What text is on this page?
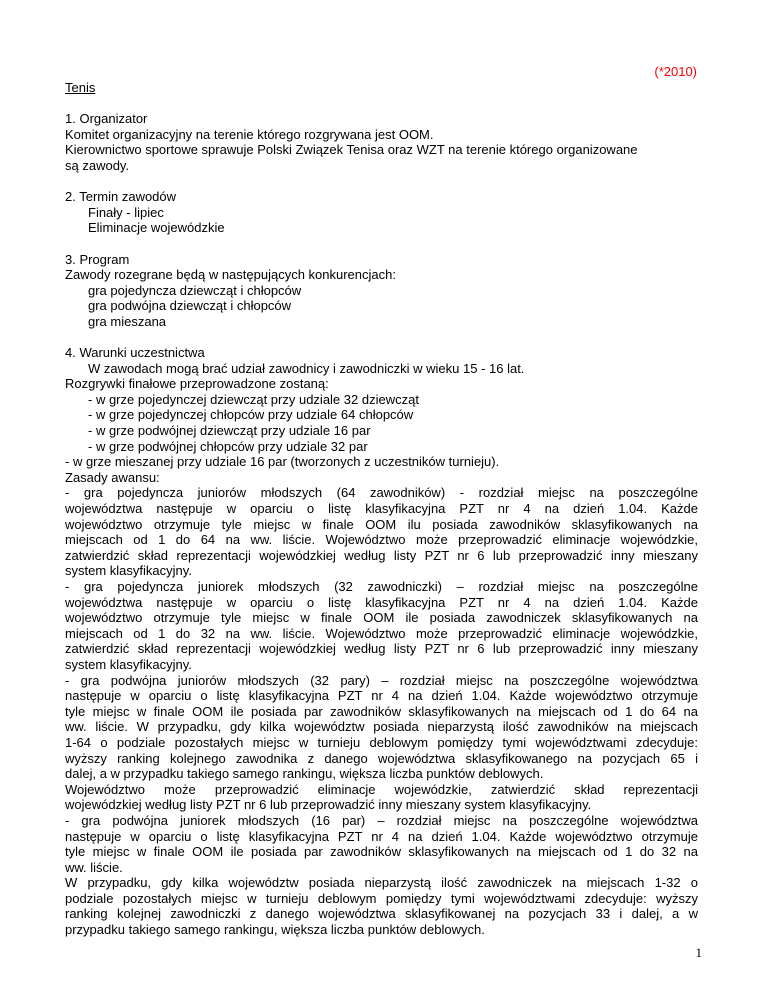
(*2010)
Tenis
1. Organizator
Komitet organizacyjny na terenie którego rozgrywana jest OOM.
Kierownictwo sportowe sprawuje Polski Związek Tenisa oraz WZT na terenie którego organizowane
są zawody.
2. Termin zawodów
Finały - lipiec
Eliminacje wojewódzkie
3. Program
Zawody rozegrane będą w następujących konkurencjach:
gra pojedyncza dziewcząt i chłopców
gra podwójna dziewcząt i chłopców
gra mieszana
4. Warunki uczestnictwa
W zawodach mogą brać udział zawodnicy i zawodniczki w wieku 15 - 16 lat.
Rozgrywki finałowe przeprowadzone zostaną:
- w grze pojedynczej dziewcząt przy udziale 32 dziewcząt
- w grze pojedynczej chłopców przy udziale 64 chłopców
- w grze podwójnej dziewcząt przy udziale 16 par
- w grze podwójnej chłopców przy udziale 32 par
- w grze mieszanej przy udziale 16 par (tworzonych z uczestników turnieju).
Zasady awansu:
- gra pojedyncza juniorów młodszych (64 zawodników) - rozdział miejsc na poszczególne
województwa następuje w oparciu o listę klasyfikacyjna PZT nr 4 na dzień 1.04. Każde
województwo otrzymuje tyle miejsc w finale OOM ilu posiada zawodników sklasyfikowanych na
miejscach od 1 do 64 na ww. liście. Województwo może przeprowadzić eliminacje wojewódzkie,
zatwierdzić skład reprezentacji wojewódzkiej według listy PZT nr 6 lub przeprowadzić inny mieszany
system klasyfikacyjny.
- gra pojedyncza juniorek młodszych (32 zawodniczki) – rozdział miejsc na poszczególne
województwa następuje w oparciu o listę klasyfikacyjna PZT nr 4 na dzień 1.04. Każde
województwo otrzymuje tyle miejsc w finale OOM ile posiada zawodniczek sklasyfikowanych na
miejscach od 1 do 32 na ww. liście. Województwo może przeprowadzić eliminacje wojewódzkie,
zatwierdzić skład reprezentacji wojewódzkiej według listy PZT nr 6 lub przeprowadzić inny mieszany
system klasyfikacyjny.
- gra podwójna juniorów młodszych (32 pary) – rozdział miejsc na poszczególne województwa
następuje w oparciu o listę klasyfikacyjna PZT nr 4 na dzień 1.04. Każde województwo otrzymuje
tyle miejsc w finale OOM ile posiada par zawodników sklasyfikowanych na miejscach od 1 do 64 na
ww. liście. W przypadku, gdy kilka województw posiada nieparzystą ilość zawodników na miejscach
1-64 o podziale pozostałych miejsc w turnieju deblowym pomiędzy tymi województwami zdecyduje:
wyższy ranking kolejnego zawodnika z danego województwa sklasyfikowanego na pozycjach 65 i
dalej, a w przypadku takiego samego rankingu, większa liczba punktów deblowych.
Województwo może przeprowadzić eliminacje wojewódzkie, zatwierdzić skład reprezentacji
wojewódzkiej według listy PZT nr 6 lub przeprowadzić inny mieszany system klasyfikacyjny.
- gra podwójna juniorek młodszych (16 par) – rozdział miejsc na poszczególne województwa
następuje w oparciu o listę klasyfikacyjna PZT nr 4 na dzień 1.04. Każde województwo otrzymuje
tyle miejsc w finale OOM ile posiada par zawodników sklasyfikowanych na miejscach od 1 do 32 na
ww. liście.
W przypadku, gdy kilka województw posiada nieparzystą ilość zawodniczek na miejscach 1-32 o
podziale pozostałych miejsc w turnieju deblowym pomiędzy tymi województwami zdecyduje: wyższy
ranking kolejnej zawodniczki z danego województwa sklasyfikowanej na pozycjach 33 i dalej, a w
przypadku takiego samego rankingu, większa liczba punktów deblowych.
1
